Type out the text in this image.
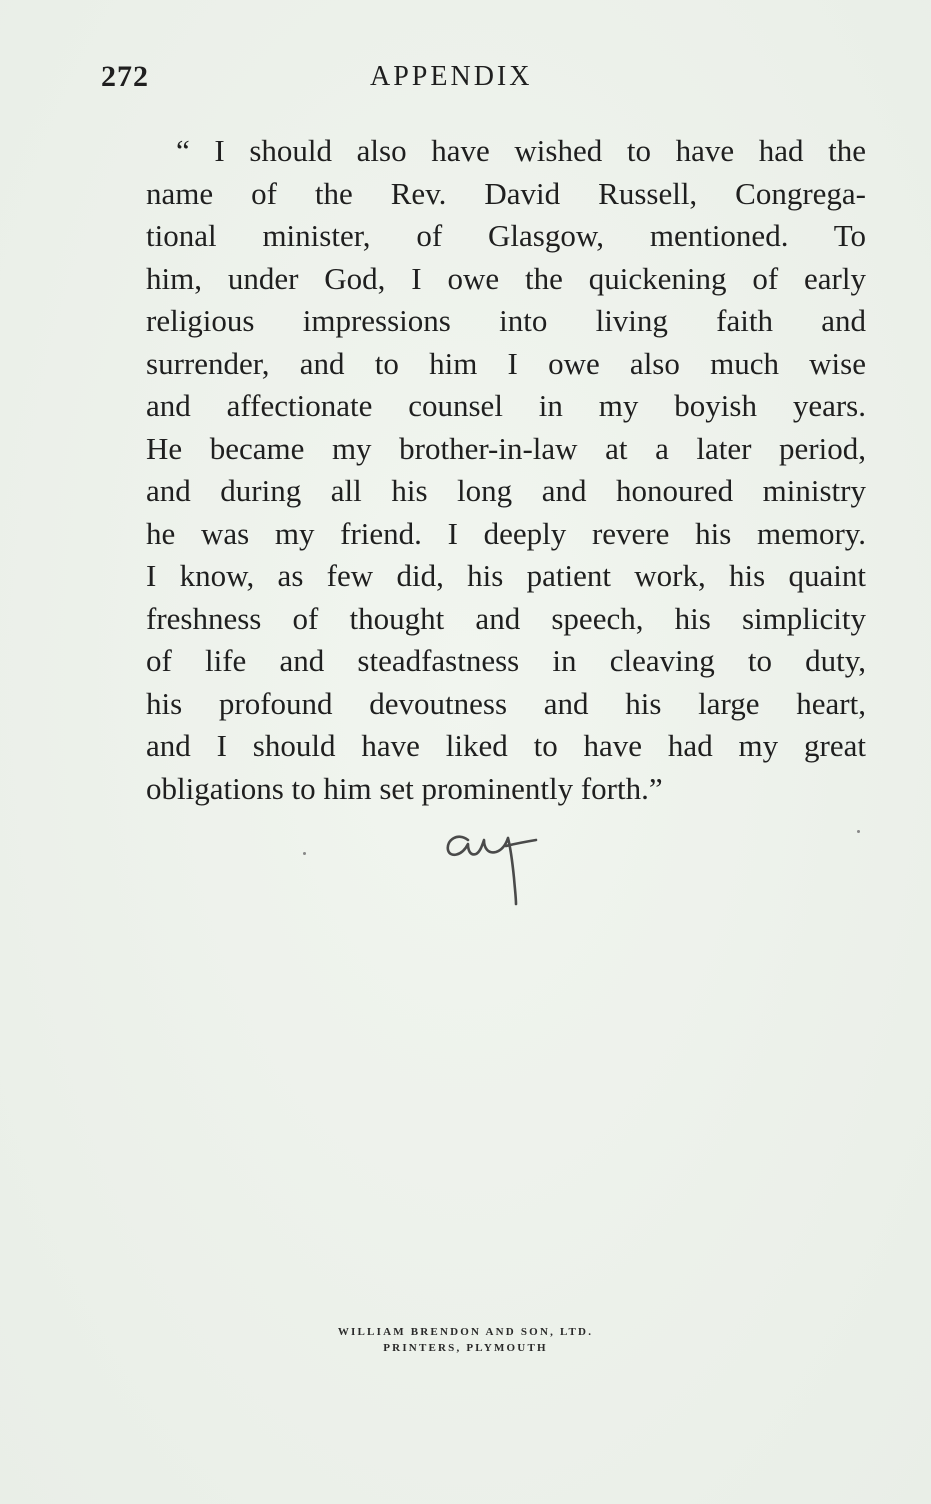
272	APPENDIX
“ I should also have wished to have had the
name of the Rev. David Russell, Congrega-
tional minister, of Glasgow, mentioned. To
him, under God, I owe the quickening of early
religious impressions into living faith and
surrender, and to him I owe also much wise
and affectionate counsel in my boyish years.
He became my brother-in-law at a later period,
and during all his long and honoured ministry
he was my friend. I deeply revere his memory.
I know, as few did, his patient work, his quaint
freshness of thought and speech, his simplicity
of life and steadfastness in cleaving to duty,
his profound devoutness and his large heart,
and I should have liked to have had my great
obligations to him set prominently forth.”
WILLIAM BRENDON AND SON, LTD.
PRINTERS, PLYMOUTH
